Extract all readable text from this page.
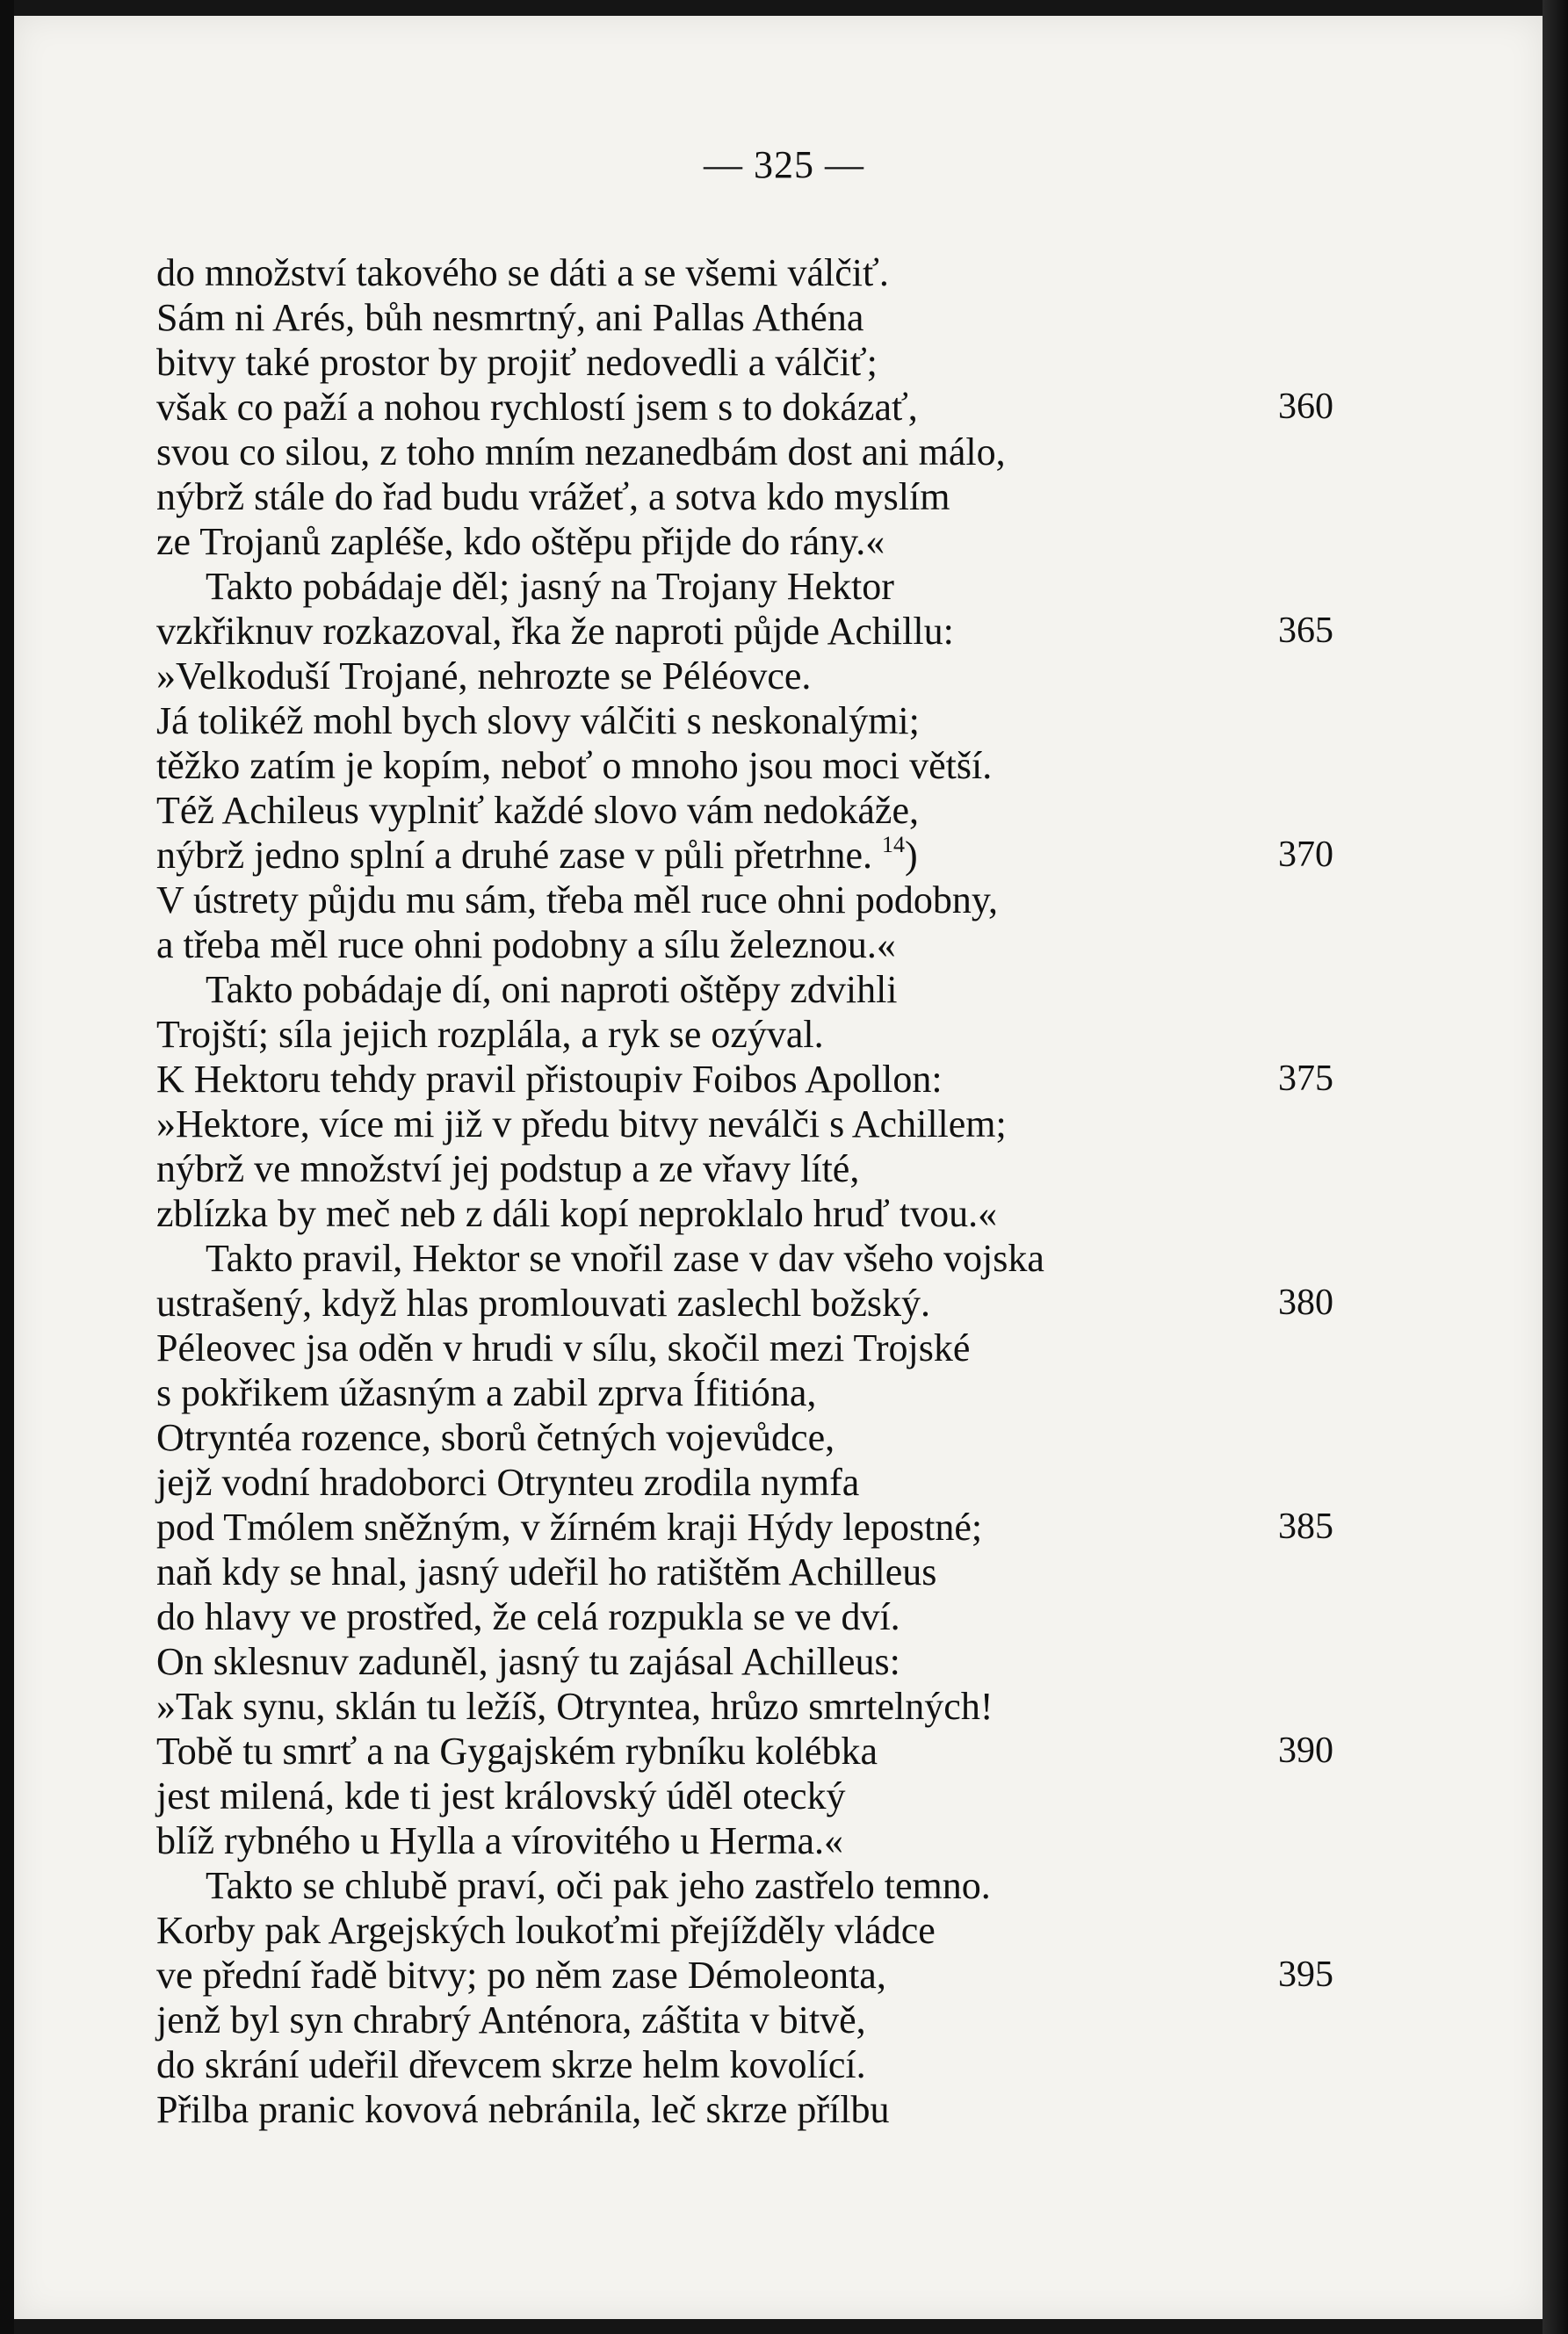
— 325 —
do množství takového se dáti a se všemi válčiť.
Sám ni Arés, bůh nesmrtný, ani Pallas Athéna
bitvy také prostor by projiť nedovedli a válčiť;
však co paží a nohou rychlostí jsem s to dokázať,	360
svou co silou, z toho mním nezanedbám dost ani málo,
nýbrž stále do řad budu vrážeť, a sotva kdo myslím
ze Trojanů zapléše, kdo oštěpu přijde do rány.«
Takto pobádaje děl; jasný na Trojany Hektor
vzkřiknuv rozkazoval, řka že naproti půjde Achillu:	365
»Velkoduší Trojané, nehrozte se Péléovce.
Já tolikéž mohl bych slovy válčiti s neskonalými;
těžko zatím je kopím, neboť o mnoho jsou moci větší.
Též Achileus vyplniť každé slovo vám nedokáže,
nýbrž jedno splní a druhé zase v půli přetrhne. $^{14}$)	370
V ústrety půjdu mu sám, třeba měl ruce ohni podobny,
a třeba měl ruce ohni podobny a sílu železnou.«
Takto pobádaje dí, oni naproti oštěpy zdvihli
Trojští; síla jejich rozplála, a ryk se ozýval.
K Hektoru tehdy pravil přistoupiv Foibos Apollon:	375
»Hektore, více mi již v předu bitvy neválči s Achillem;
nýbrž ve množství jej podstup a ze vřavy líté,
zblízka by meč neb z dáli kopí neproklalo hruď tvou.«
Takto pravil, Hektor se vnořil zase v dav všeho vojska
ustrašený, když hlas promlouvati zaslechl božský.	380
Péleovec jsa oděn v hrudi v sílu, skočil mezi Trojské
s pokřikem úžasným a zabil zprva Ífitióna,
Otryntéa rozence, sborů četných vojevůdce,
jejž vodní hradoborci Otrynteu zrodila nymfa
pod Tmólem sněžným, v žírném kraji Hýdy lepostné;	385
naň kdy se hnal, jasný udeřil ho ratištěm Achilleus
do hlavy ve prostřed, že celá rozpukla se ve dví.
On sklesnuv zaduněl, jasný tu zajásal Achilleus:
»Tak synu, sklán tu ležíš, Otryntea, hrůzo smrtelných!
Tobě tu smrť a na Gygajském rybníku kolébka	390
jest milená, kde ti jest královský úděl otecký
blíž rybného u Hylla a vírovitého u Herma.«
Takto se chlubě praví, oči pak jeho zastřelo temno.
Korby pak Argejských loukoťmi přejížděly vládce
ve přední řadě bitvy; po něm zase Démoleonta,	395
jenž byl syn chrabrý Anténora, záštita v bitvě,
do skrání udeřil dřevcem skrze helm kovolící.
Přilba pranic kovová nebránila, leč skrze přílbu
